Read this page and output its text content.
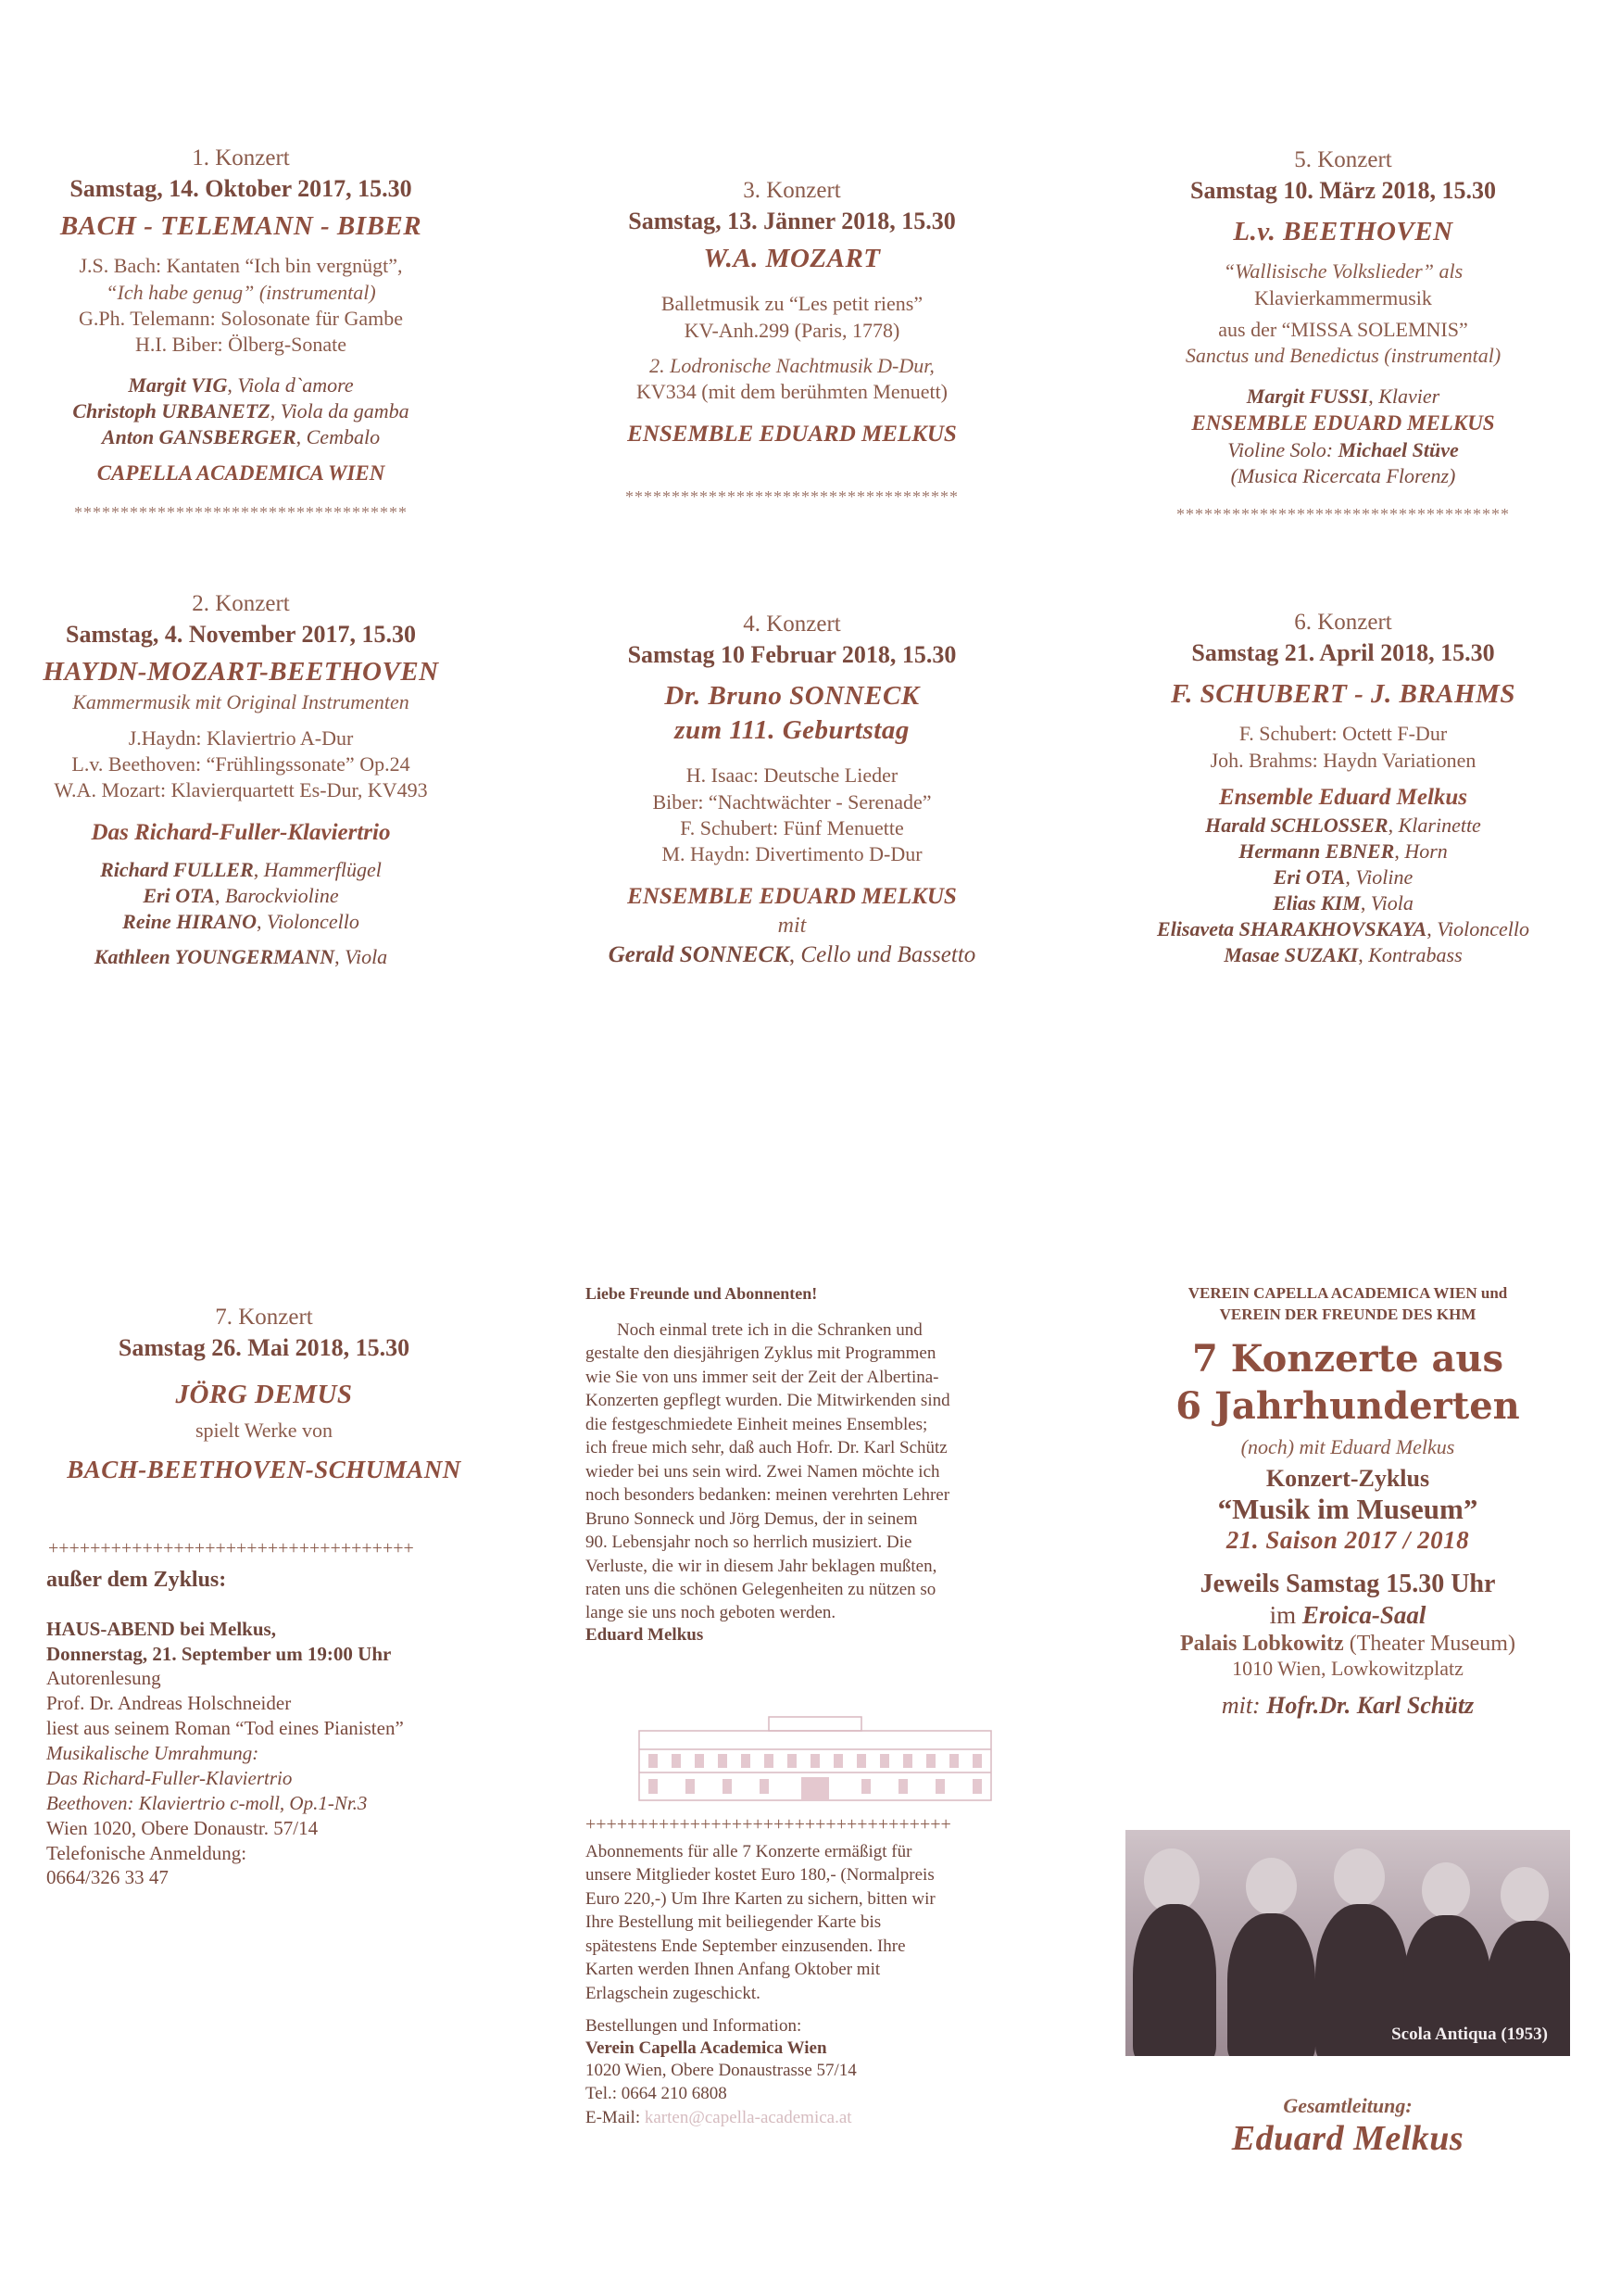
1. Konzert
Samstag, 14. Oktober 2017, 15.30
BACH - TELEMANN - BIBER
J.S. Bach: Kantaten “Ich bin vergnügt”,
“Ich habe genug” (instrumental)
G.Ph. Telemann: Solosonate für Gambe
H.I. Biber: Ölberg-Sonate
Margit VIG, Viola d`amore
Christoph URBANETZ, Viola da gamba
Anton GANSBERGER, Cembalo
CAPELLA ACADEMICA WIEN
************************************
2. Konzert
Samstag, 4. November 2017, 15.30
HAYDN-MOZART-BEETHOVEN
Kammermusik mit Original Instrumenten
J.Haydn: Klaviertrio A-Dur
L.v. Beethoven: “Frühlingssonate” Op.24
W.A. Mozart: Klavierquartett Es-Dur, KV493
Das Richard-Fuller-Klaviertrio
Richard FULLER, Hammerflügel
Eri OTA, Barockvioline
Reine HIRANO, Violoncello
Kathleen YOUNGERMANN, Viola
3. Konzert
Samstag, 13. Jänner 2018, 15.30
W.A. MOZART
Balletmusik zu “Les petit riens”
KV-Anh.299 (Paris, 1778)
2. Lodronische Nachtmusik D-Dur,
KV334 (mit dem berühmten Menuett)
ENSEMBLE EDUARD MELKUS
************************************
4. Konzert
Samstag 10 Februar 2018, 15.30
Dr. Bruno SONNECK
zum 111. Geburtstag
H. Isaac: Deutsche Lieder
Biber: “Nachtwächter - Serenade”
F. Schubert: Fünf Menuette
M. Haydn: Divertimento D-Dur
ENSEMBLE EDUARD MELKUS
mit
Gerald SONNECK, Cello und Bassetto
5. Konzert
Samstag 10. März 2018, 15.30
L.v. BEETHOVEN
“Wallisische Volkslieder” als
Klavierkammermusik
aus der “MISSA SOLEMNIS”
Sanctus und Benedictus (instrumental)
Margit FUSSI, Klavier
ENSEMBLE EDUARD MELKUS
Violine Solo: Michael Stüve
(Musica Ricercata Florenz)
************************************
6. Konzert
Samstag 21. April 2018, 15.30
F. SCHUBERT - J. BRAHMS
F. Schubert: Octett F-Dur
Joh. Brahms: Haydn Variationen
Ensemble Eduard Melkus
Harald SCHLOSSER, Klarinette
Hermann EBNER, Horn
Eri OTA, Violine
Elias KIM, Viola
Elisaveta SHARAKHOVSKAYA, Violoncello
Masae SUZAKI, Kontrabass
7. Konzert
Samstag 26. Mai 2018, 15.30
JÖRG DEMUS
spielt Werke von
BACH-BEETHOVEN-SCHUMANN
+++++++++++++++++++++++++++++++++++
außer dem Zyklus:
HAUS-ABEND bei Melkus,
Donnerstag, 21. September um 19:00 Uhr
Autorenlesung
Prof. Dr. Andreas Holschneider
liest aus seinem Roman “Tod eines Pianisten”
Musikalische Umrahmung:
Das Richard-Fuller-Klaviertrio
Beethoven: Klaviertrio c-moll, Op.1-Nr.3
Wien 1020, Obere Donaustr. 57/14
Telefonische Anmeldung:
0664/326 33 47
Liebe Freunde und Abonnenten!
Noch einmal trete ich in die Schranken und
gestalte den diesjährigen Zyklus mit Programmen
wie Sie von uns immer seit der Zeit der Albertina-
Konzerten gepflegt wurden. Die Mitwirkenden sind
die festgeschmiedete Einheit meines Ensembles;
ich freue mich sehr, daß auch Hofr. Dr. Karl Schütz
wieder bei uns sein wird. Zwei Namen möchte ich
noch besonders bedanken: meinen verehrten Lehrer
Bruno Sonneck und Jörg Demus, der in seinem
90. Lebensjahr noch so herrlich musiziert. Die
Verluste, die wir in diesem Jahr beklagen mußten,
raten uns die schönen Gelegenheiten zu nützen so
lange sie uns noch geboten werden.
Eduard Melkus
+++++++++++++++++++++++++++++++++++
Abonnements für alle 7 Konzerte ermäßigt für
unsere Mitglieder kostet Euro 180,- (Normalpreis
Euro 220,-) Um Ihre Karten zu sichern, bitten wir
Ihre Bestellung mit beiliegender Karte bis
spätestens Ende September einzusenden. Ihre
Karten werden Ihnen Anfang Oktober mit
Erlagschein zugeschickt.
Bestellungen und Information:
Verein Capella Academica Wien
1020 Wien, Obere Donaustrasse 57/14
Tel.: 0664 210 6808
E-Mail: karten@capella-academica.at
VEREIN CAPELLA ACADEMICA WIEN und
VEREIN DER FREUNDE DES KHM
7 Konzerte aus
6 Jahrhunderten
(noch) mit Eduard Melkus
Konzert-Zyklus
“Musik im Museum”
21. Saison 2017 / 2018
Jeweils Samstag 15.30 Uhr
im Eroica-Saal
Palais Lobkowitz (Theater Museum)
1010 Wien, Lowkowitzplatz
mit: Hofr.Dr. Karl Schütz
Scola Antiqua (1953)
Gesamtleitung:
Eduard Melkus
